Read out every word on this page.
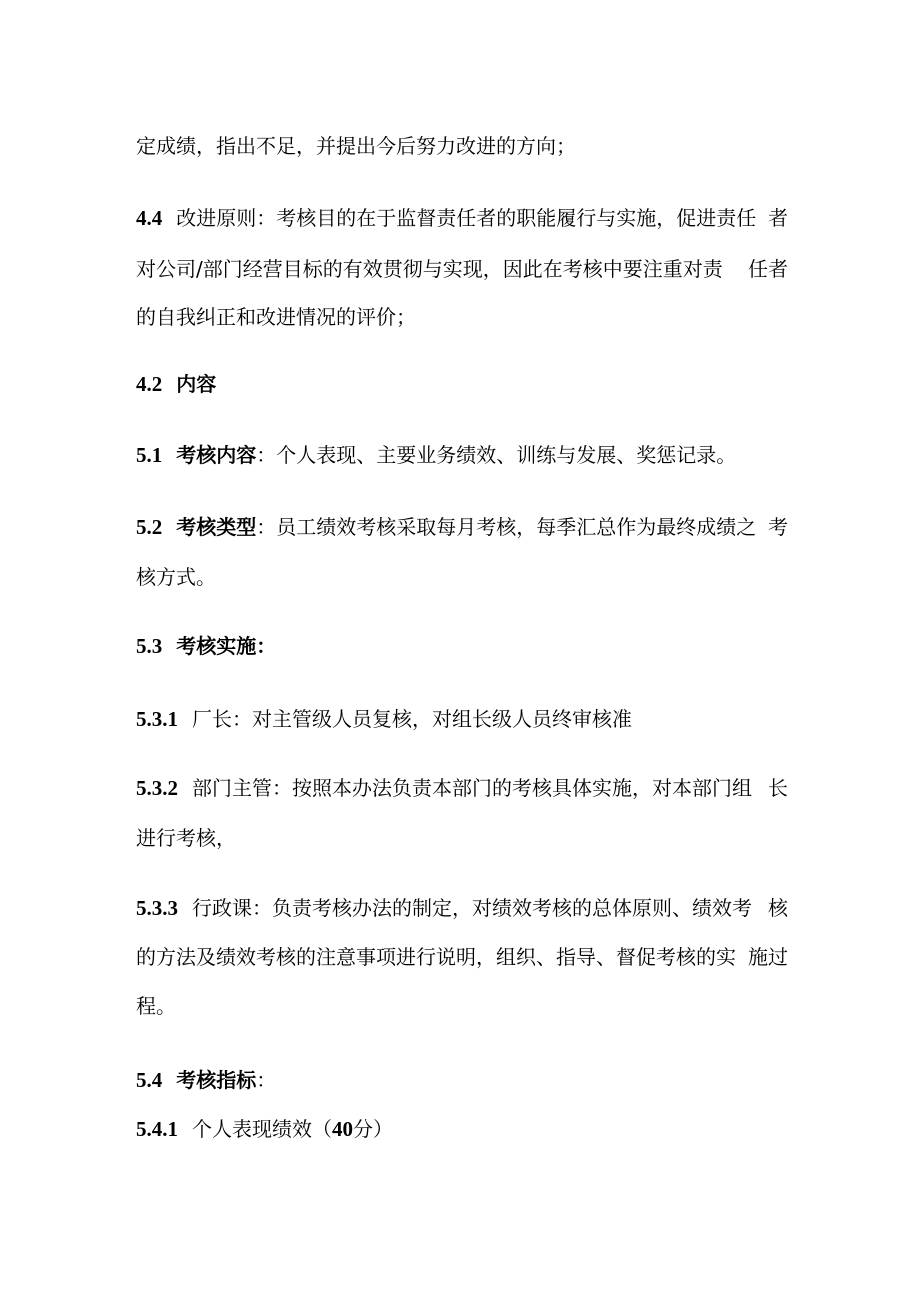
定成绩，指出不足，并提出今后努力改进的方向；
4.4 改进原则：考核目的在于监督责任者的职能履行与实施，促进责任 者
对公司/部门经营目标的有效贯彻与实现，因此在考核中要注重对责 任者
的自我纠正和改进情况的评价；
4.2 内容
5.1 考核内容：个人表现、主要业务绩效、训练与发展、奖惩记录。
5.2 考核类型：员工绩效考核采取每月考核，每季汇总作为最终成绩之 考
核方式。
5.3 考核实施：
5.3.1 厂长：对主管级人员复核，对组长级人员终审核准
5.3.2 部门主管：按照本办法负责本部门的考核具体实施，对本部门组 长
进行考核，
5.3.3 行政课：负责考核办法的制定，对绩效考核的总体原则、绩效考 核
的方法及绩效考核的注意事项进行说明，组织、指导、督促考核的实 施过
程。
5.4 考核指标：
5.4.1 个人表现绩效（40分）
